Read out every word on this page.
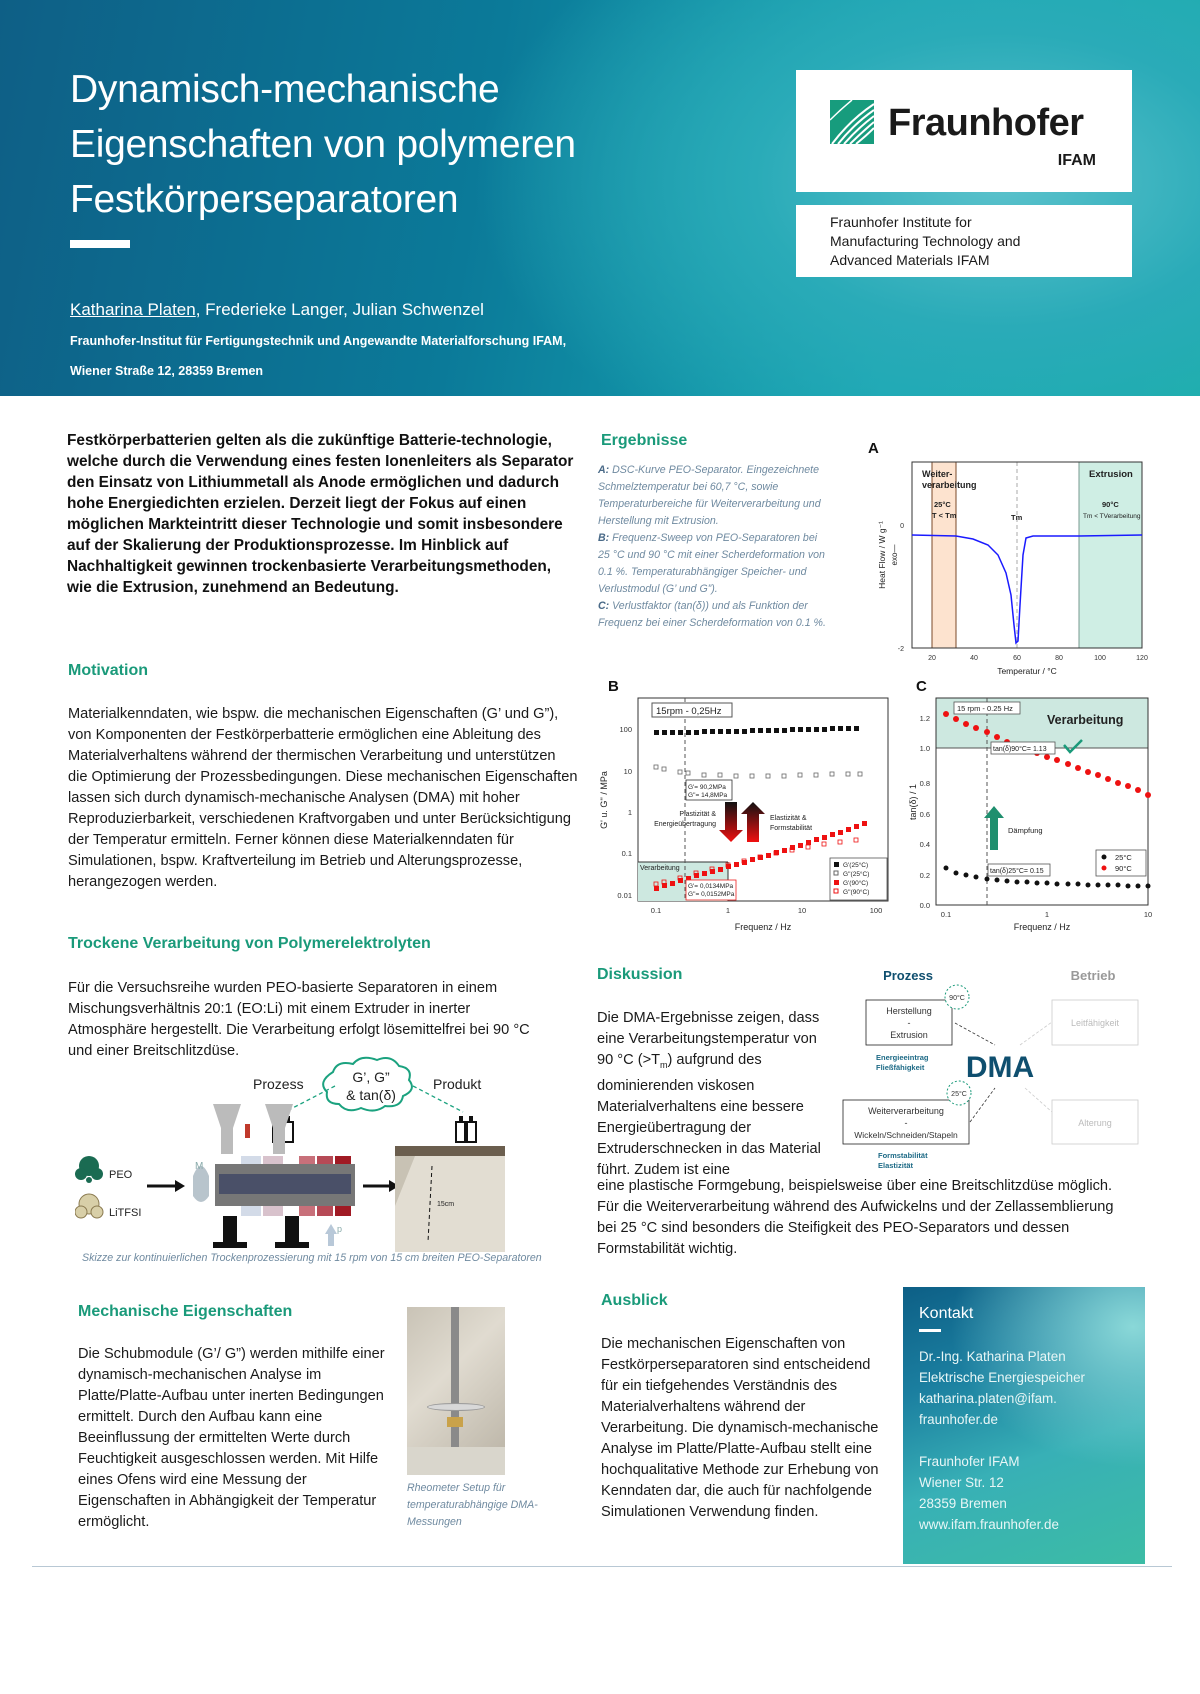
Dynamisch-mechanische
Eigenschaften von polymeren
Festkörperseparatoren
Katharina Platen, Frederieke Langer, Julian Schwenzel
Fraunhofer-Institut für Fertigungstechnik und Angewandte Materialforschung IFAM,
Wiener Straße 12, 28359 Bremen
Fraunhofer
IFAM
Fraunhofer Institute for
Manufacturing Technology and
Advanced Materials IFAM
Festkörperbatterien gelten als die zukünftige Batterie-technologie, welche durch die Verwendung eines festen Ionenleiters als Separator den Einsatz von Lithiummetall als Anode ermöglichen und dadurch hohe Energiedichten erzielen. Derzeit liegt der Fokus auf einen möglichen Markteintritt dieser Technologie und somit insbesondere auf der Skalierung der Produktionsprozesse. Im Hinblick auf Nachhaltigkeit gewinnen trockenbasierte Verarbeitungsmethoden, wie die Extrusion, zunehmend an Bedeutung.
Motivation
Materialkenndaten, wie bspw. die mechanischen Eigenschaften (G’ und G”), von Komponenten der Festkörperbatterie ermöglichen eine Ableitung des Materialverhaltens während der thermischen Verarbeitung und unterstützen die Optimierung der Prozessbedingungen. Diese mechanischen Eigenschaften lassen sich durch dynamisch-mechanische Analysen (DMA) mit hoher Reproduzierbarkeit, verschiedenen Kraftvorgaben und unter Berücksichtigung der Temperatur ermitteln. Ferner können diese Materialkenndaten für Simulationen, bspw. Kraftverteilung im Betrieb und Alterungsprozesse, herangezogen werden.
Trockene Verarbeitung von Polymerelektrolyten
Für die Versuchsreihe wurden PEO-basierte Separatoren in einem Mischungsverhältnis 20:1 (EO:Li) mit einem Extruder in inerter Atmosphäre hergestellt. Die Verarbeitung erfolgt lösemittelfrei bei 90 °C und einer Breitschlitzdüse.
G’, G”
& tan(δ)
Prozess	Produkt
PEO
LiTFSI
M
p
15cm
Skizze zur kontinuierlichen Trockenprozessierung mit 15 rpm von 15 cm breiten PEO-Separatoren
Mechanische Eigenschaften
Die Schubmodule (G’/ G”) werden mithilfe einer dynamisch-mechanischen Analyse im Platte/Platte-Aufbau unter inerten Bedingungen ermittelt. Durch den Aufbau kann eine Beeinflussung der ermittelten Werte durch Feuchtigkeit ausgeschlossen werden. Mit Hilfe eines Ofens wird eine Messung der Eigenschaften in Abhängigkeit der Temperatur ermöglicht.
Rheometer Setup für temperaturabhängige DMA-Messungen
Ergebnisse
A: DSC-Kurve PEO-Separator. Eingezeichnete Schmelztemperatur bei 60,7 °C, sowie Temperaturbereiche für Weiterverarbeitung und Herstellung mit Extrusion.
B: Frequenz-Sweep von PEO-Separatoren bei 25 °C und 90 °C mit einer Scherdeformation von 0.1 %. Temperaturabhängiger Speicher- und Verlustmodul (G’ und G”).
C: Verlustfaktor (tan(δ)) und als Funktion der Frequenz bei einer Scherdeformation von 0.1 %.
A
Weiter-
verarbeitung
25°C
T < Tm	Tm
Extrusion
90°C
Tm < TVerarbeitung
0
-2
20	40	60	80	100	120
Temperatur / °C
Heat Flow / W g⁻¹ exo—
B
Verarbeitung
15rpm - 0,25Hz
G'= 90,2MPa
G''= 14,8MPa
Plastizität &
Energieübertragung
Elastizität &
Formstabilität
G'= 0,0134MPa
G''= 0,0152MPa
G'(25°C)
G''(25°C)
G'(90°C)
G''(90°C)
100
10
1
0.1
0.01
0.1	1	10	100
Frequenz / Hz
G' u. G'' / MPa
C
15 rpm - 0.25 Hz
Verarbeitung
tan(δ)90°C= 1.13
Dämpfung
tan(δ)25°C= 0.15
25°C
90°C
0.0
0.2
0.4
0.6
0.8
1.0
1.2
0.1	1	10
Frequenz / Hz
tan(δ) / 1
Diskussion
Die DMA-Ergebnisse zeigen, dass eine Verarbeitungstemperatur von 90 °C $(>T_m)$ aufgrund des dominierenden viskosen Materialverhaltens eine bessere Energieübertragung der Extruderschnecken in das Material führt. Zudem ist eine
eine plastische Formgebung, beispielsweise über eine Breitschlitzdüse möglich. Für die Weiterverarbeitung während des Aufwickelns und der Zellassemblierung bei 25 °C sind besonders die Steifigkeit des PEO-Separators und dessen Formstabilität wichtig.
Prozess	Betrieb
Herstellung
-
Extrusion
90°C
Energieeintrag
Fließfähigkeit DMA
Weiterverarbeitung
-
Wickeln/Schneiden/Stapeln
25°C
Formstabilität
Elastizität
Leitfähigkeit
Alterung
Ausblick
Die mechanischen Eigenschaften von Festkörperseparatoren sind entscheidend für ein tiefgehendes Verständnis des Materialverhaltens während der Verarbeitung. Die dynamisch-mechanische Analyse im Platte/Platte-Aufbau stellt eine hochqualitative Methode zur Erhebung von Kenndaten dar, die auch für nachfolgende Simulationen Verwendung finden.
Kontakt

Dr.-Ing. Katharina Platen

Elektrische Energiespeicher

katharina.platen@ifam.

fraunhofer.de

Fraunhofer IFAM

Wiener Str. 12

28359 Bremen

www.ifam.fraunhofer.de
